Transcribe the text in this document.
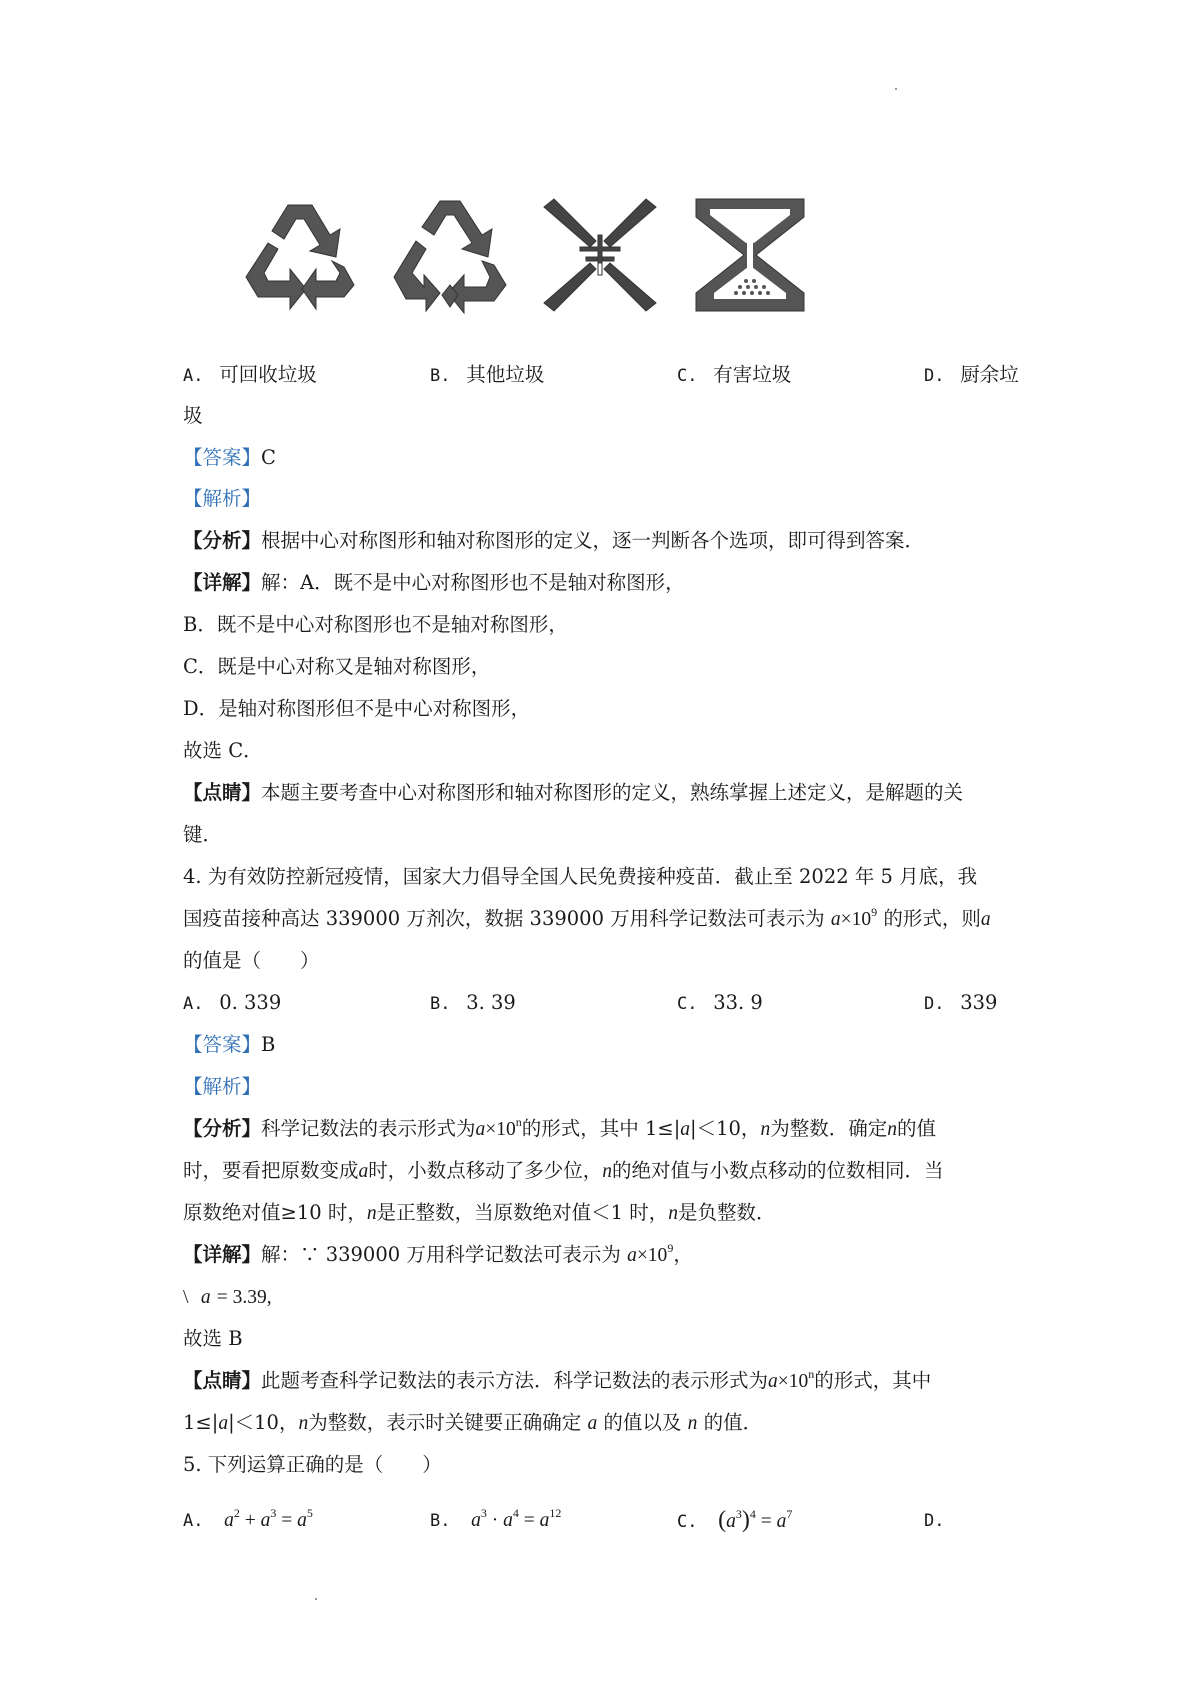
A. 可回收垃圾	B. 其他垃圾	C. 有害垃圾	D. 厨余垃
圾
【答案】C
【解析】
【分析】根据中心对称图形和轴对称图形的定义，逐一判断各个选项，即可得到答案．
【详解】解：A．既不是中心对称图形也不是轴对称图形，
B．既不是中心对称图形也不是轴对称图形，
C．既是中心对称又是轴对称图形，
D．是轴对称图形但不是中心对称图形，
故选 C．
【点睛】本题主要考查中心对称图形和轴对称图形的定义，熟练掌握上述定义，是解题的关
键．
4. 为有效防控新冠疫情，国家大力倡导全国人民免费接种疫苗．截止至 2022 年 5 月底，我
国疫苗接种高达 339000 万剂次，数据 339000 万用科学记数法可表示为 $a\times 10^9$ 的形式，则a
的值是（　　）
A. 0. 339	B. 3. 39	C. 33. 9	D. 339
【答案】B
【解析】
【分析】科学记数法的表示形式为$a\times 10^n$的形式，其中 1≤|a|＜10，n为整数．确定n的值
时，要看把原数变成a时，小数点移动了多少位，n的绝对值与小数点移动的位数相同．当
原数绝对值≥10 时，n是正整数，当原数绝对值＜1 时，n是负整数．
【详解】解：∵ 339000 万用科学记数法可表示为 $a\times 10^9$，
\ a = 3.39,
故选 B
【点睛】此题考查科学记数法的表示方法．科学记数法的表示形式为$a\times 10^n$的形式，其中
1≤|a|＜10，n为整数，表示时关键要正确确定 a 的值以及 n 的值．
5. 下列运算正确的是（　　）
A. $a^2 + a^3 = a^5$	B. $a^3 \cdot a^4 = a^{12}$	C. $(a^3)^4 = a^7$	D.
